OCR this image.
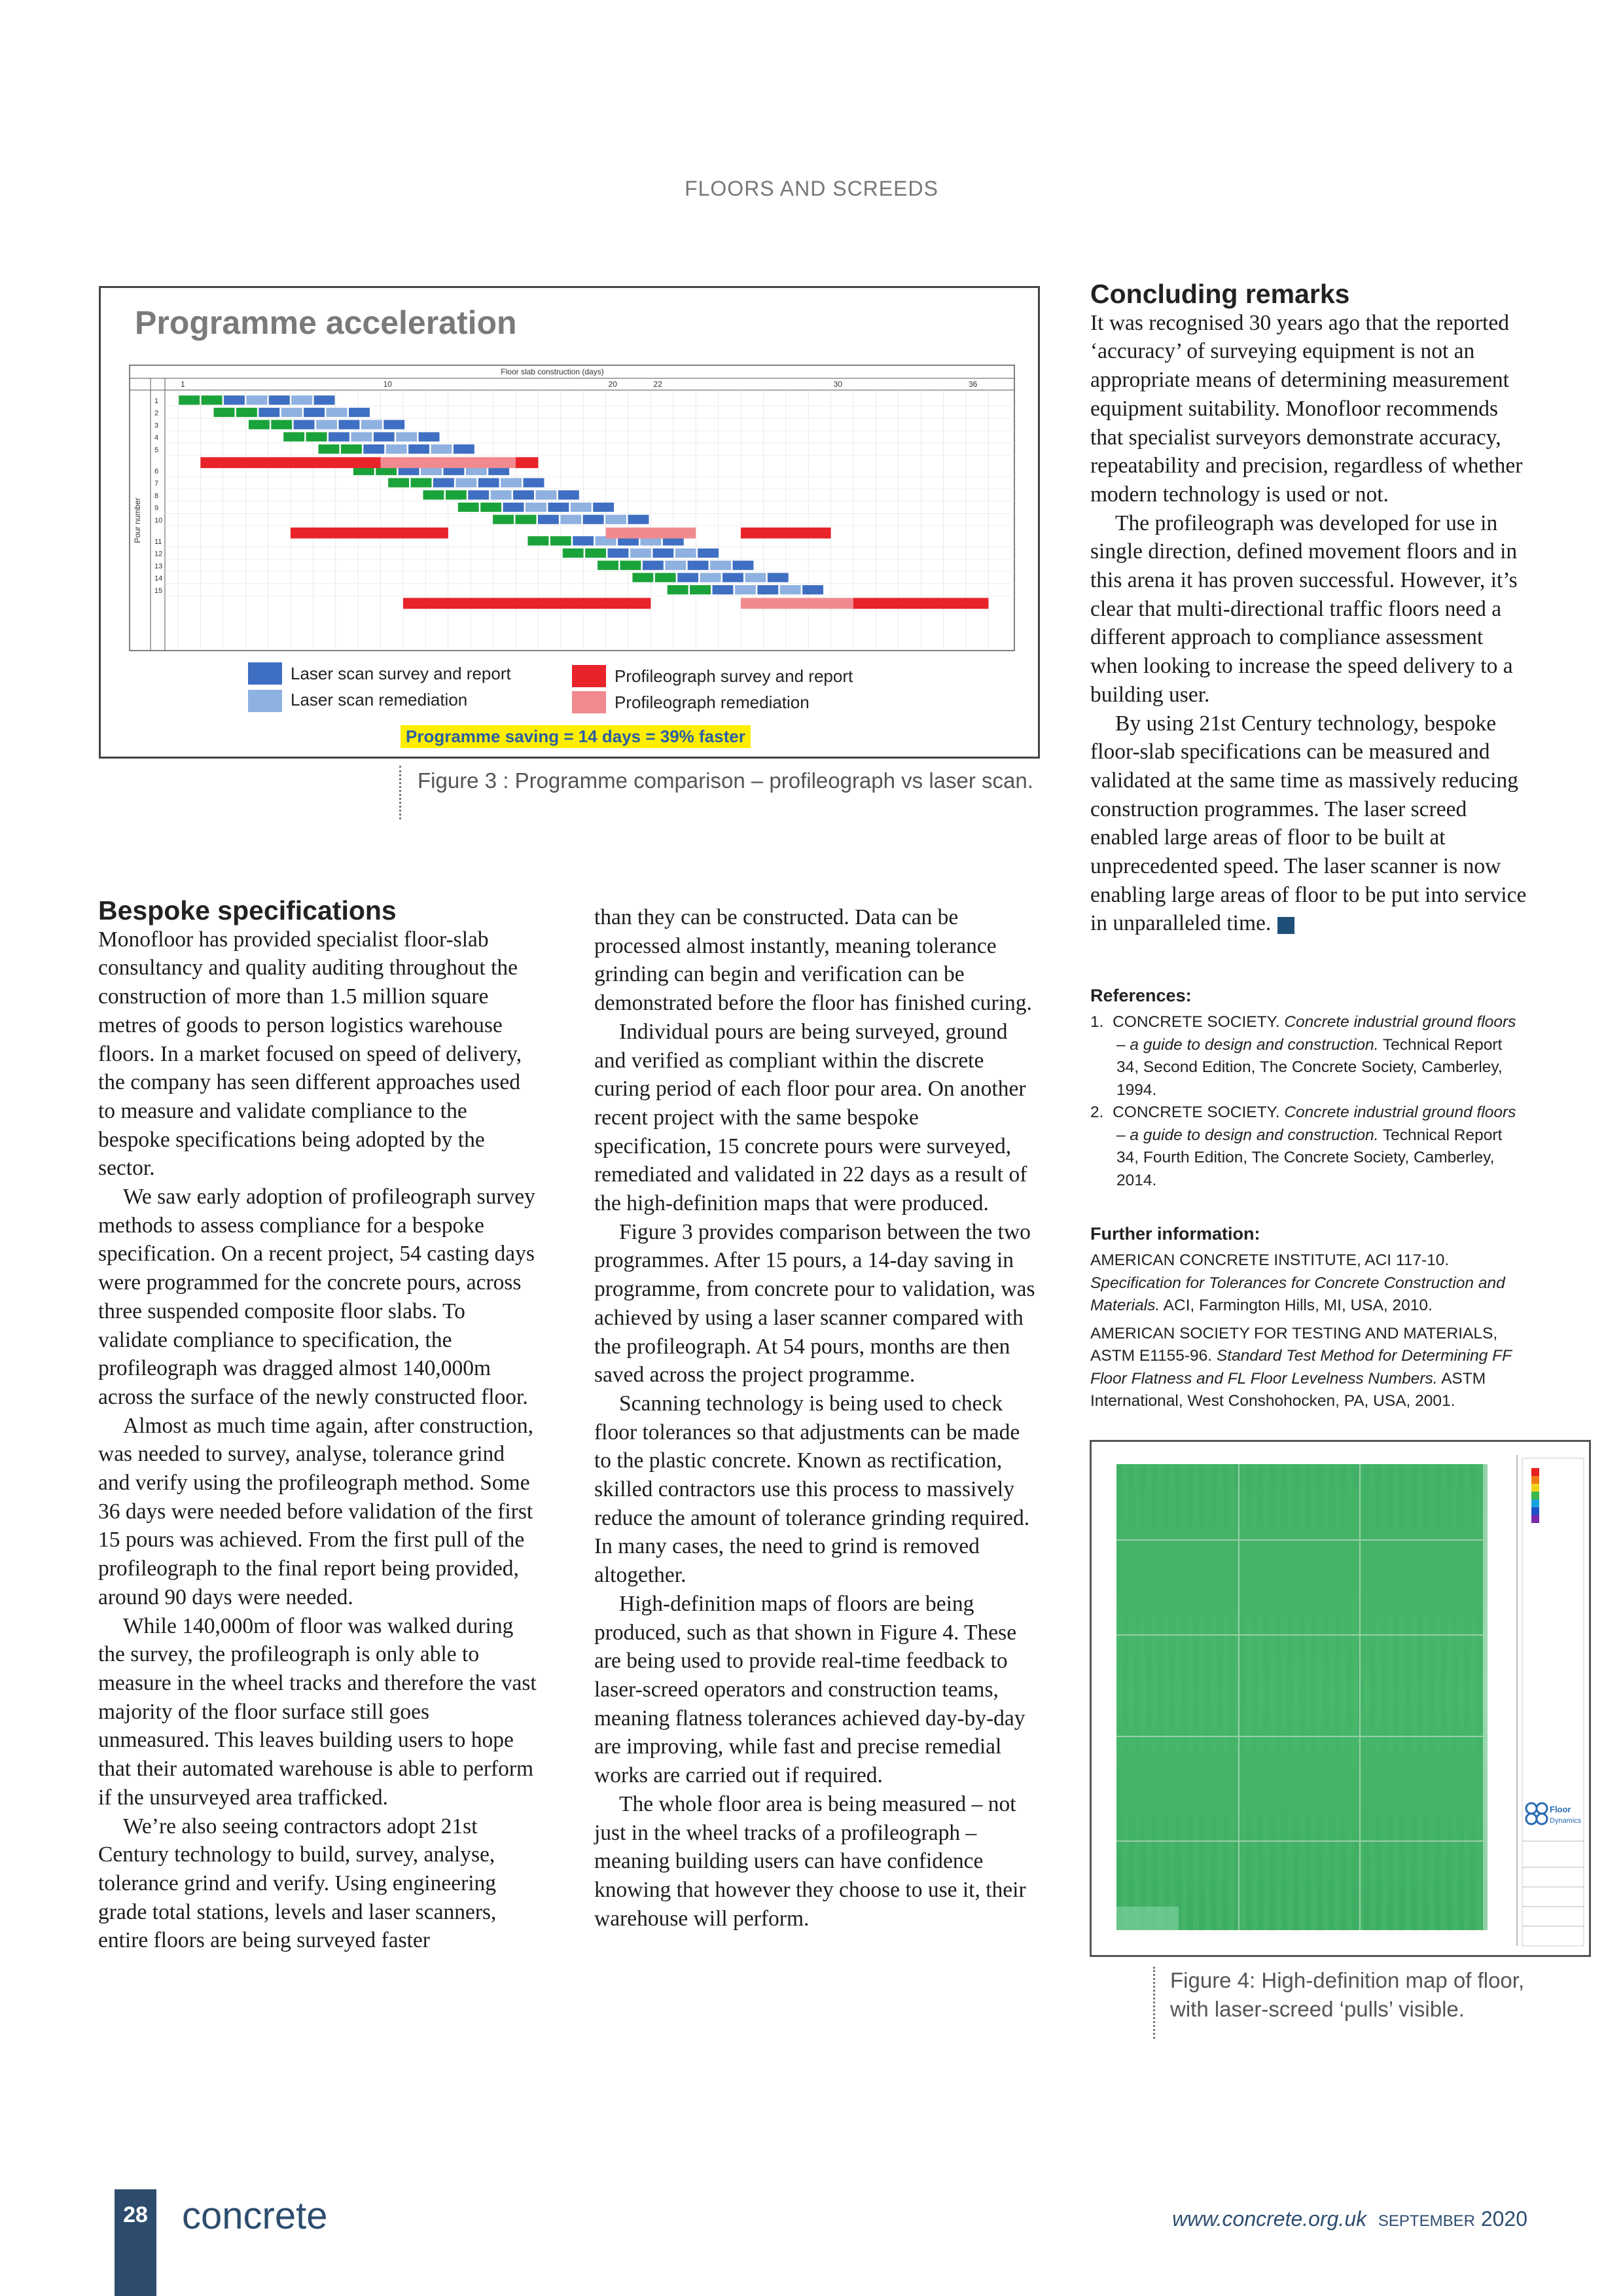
FLOORS AND SCREEDS
Programme acceleration
1	10	20	22	30	36
1
2
3
4
5
6
7
8
9
10
11
12
13
14
15
Floor slab construction (days)
Pour number
Laser scan survey and report
Laser scan remediation
Profileograph survey and report
Profileograph remediation
Programme saving = 14 days = 39% faster
Figure 3 : Programme comparison – profileograph vs laser scan.
Bespoke specifications

Monofloor has provided specialist floor-slab consultancy and quality auditing throughout the construction of more than 1.5 million square metres of goods to person logistics warehouse floors. In a market focused on speed of delivery, the company has seen different approaches used to measure and validate compliance to the bespoke specifications being adopted by the sector.

We saw early adoption of profileograph survey methods to assess compliance for a bespoke specification. On a recent project, 54 casting days were programmed for the concrete pours, across three suspended composite floor slabs. To validate compliance to specification, the profileograph was dragged almost 140,000m across the surface of the newly constructed floor.

Almost as much time again, after construction, was needed to survey, analyse, tolerance grind and verify using the profileograph method. Some 36 days were needed before validation of the first 15 pours was achieved. From the first pull of the profileograph to the final report being provided, around 90 days were needed.

While 140,000m of floor was walked during the survey, the profileograph is only able to measure in the wheel tracks and therefore the vast majority of the floor surface still goes unmeasured. This leaves building users to hope that their automated warehouse is able to perform if the unsurveyed area trafficked.

We’re also seeing contractors adopt 21st Century technology to build, survey, analyse, tolerance grind and verify. Using engineering grade total stations, levels and laser scanners, entire floors are being surveyed faster

than they can be constructed. Data can be processed almost instantly, meaning tolerance grinding can begin and verification can be demonstrated before the floor has finished curing.

Individual pours are being surveyed, ground and verified as compliant within the discrete curing period of each floor pour area. On another recent project with the same bespoke specification, 15 concrete pours were surveyed, remediated and validated in 22 days as a result of the high-definition maps that were produced.

Figure 3 provides comparison between the two programmes. After 15 pours, a 14-day saving in programme, from concrete pour to validation, was achieved by using a laser scanner compared with the profileograph. At 54 pours, months are then saved across the project programme.

Scanning technology is being used to check floor tolerances so that adjustments can be made to the plastic concrete. Known as rectification, skilled contractors use this process to massively reduce the amount of tolerance grinding required. In many cases, the need to grind is removed altogether.

High-definition maps of floors are being produced, such as that shown in Figure 4. These are being used to provide real-time feedback to laser-screed operators and construction teams, meaning flatness tolerances achieved day-by-day are improving, while fast and precise remedial works are carried out if required.

The whole floor area is being measured – not just in the wheel tracks of a profileograph – meaning building users can have confidence knowing that however they choose to use it, their warehouse will perform.

Concluding remarks

It was recognised 30 years ago that the reported ‘accuracy’ of surveying equipment is not an appropriate means of determining measurement equipment suitability. Monofloor recommends that specialist surveyors demonstrate accuracy, repeatability and precision, regardless of whether modern technology is used or not.

The profileograph was developed for use in single direction, defined movement floors and in this arena it has proven successful. However, it’s clear that multi-directional traffic floors need a different approach to compliance assessment when looking to increase the speed delivery to a building user.

By using 21st Century technology, bespoke floor-slab specifications can be measured and validated at the same time as massively reducing construction programmes. The laser screed enabled large areas of floor to be built at unprecedented speed. The laser scanner is now enabling large areas of floor to be put into service in unparalleled time.

References:
1. CONCRETE SOCIETY. Concrete industrial ground floors – a guide to design and construction. Technical Report 34, Second Edition, The Concrete Society, Camberley, 1994.
2. CONCRETE SOCIETY. Concrete industrial ground floors – a guide to design and construction. Technical Report 34, Fourth Edition, The Concrete Society, Camberley, 2014.
Further information:
AMERICAN CONCRETE INSTITUTE, ACI 117-10. Specification for Tolerances for Concrete Construction and Materials. ACI, Farmington Hills, MI, USA, 2010.
AMERICAN SOCIETY FOR TESTING AND MATERIALS, ASTM E1155-96. Standard Test Method for Determining FF Floor Flatness and FL Floor Levelness Numbers. ASTM International, West Conshohocken, PA, USA, 2001.
Floor
Dynamics
Figure 4: High-definition map of floor, with laser-screed ‘pulls’ visible.
28 concrete	www.concrete.org.uk SEPTEMBER 2020
